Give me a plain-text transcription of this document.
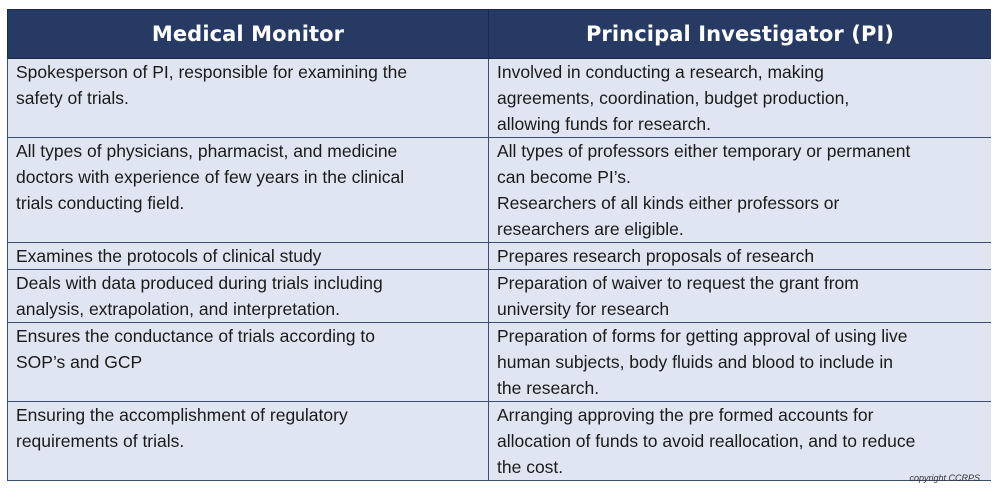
Medical Monitor	Principal Investigator (PI)

Spokesperson of PI, responsible for examining the
safety of trials.	Involved in conducting a research, making
agreements, coordination, budget production,
allowing funds for research.

All types of physicians, pharmacist, and medicine
doctors with experience of few years in the clinical
trials conducting field.	All types of professors either temporary or permanent
can become PI’s.
Researchers of all kinds either professors or
researchers are eligible.

Examines the protocols of clinical study	Prepares research proposals of research

Deals with data produced during trials including
analysis, extrapolation, and interpretation.	Preparation of waiver to request the grant from
university for research

Ensures the conductance of trials according to
SOP’s and GCP	Preparation of forms for getting approval of using live
human subjects, body fluids and blood to include in
the research.

Ensuring the accomplishment of regulatory
requirements of trials.	Arranging approving the pre formed accounts for
allocation of funds to avoid reallocation, and to reduce
the cost.
copyright CCRPS
